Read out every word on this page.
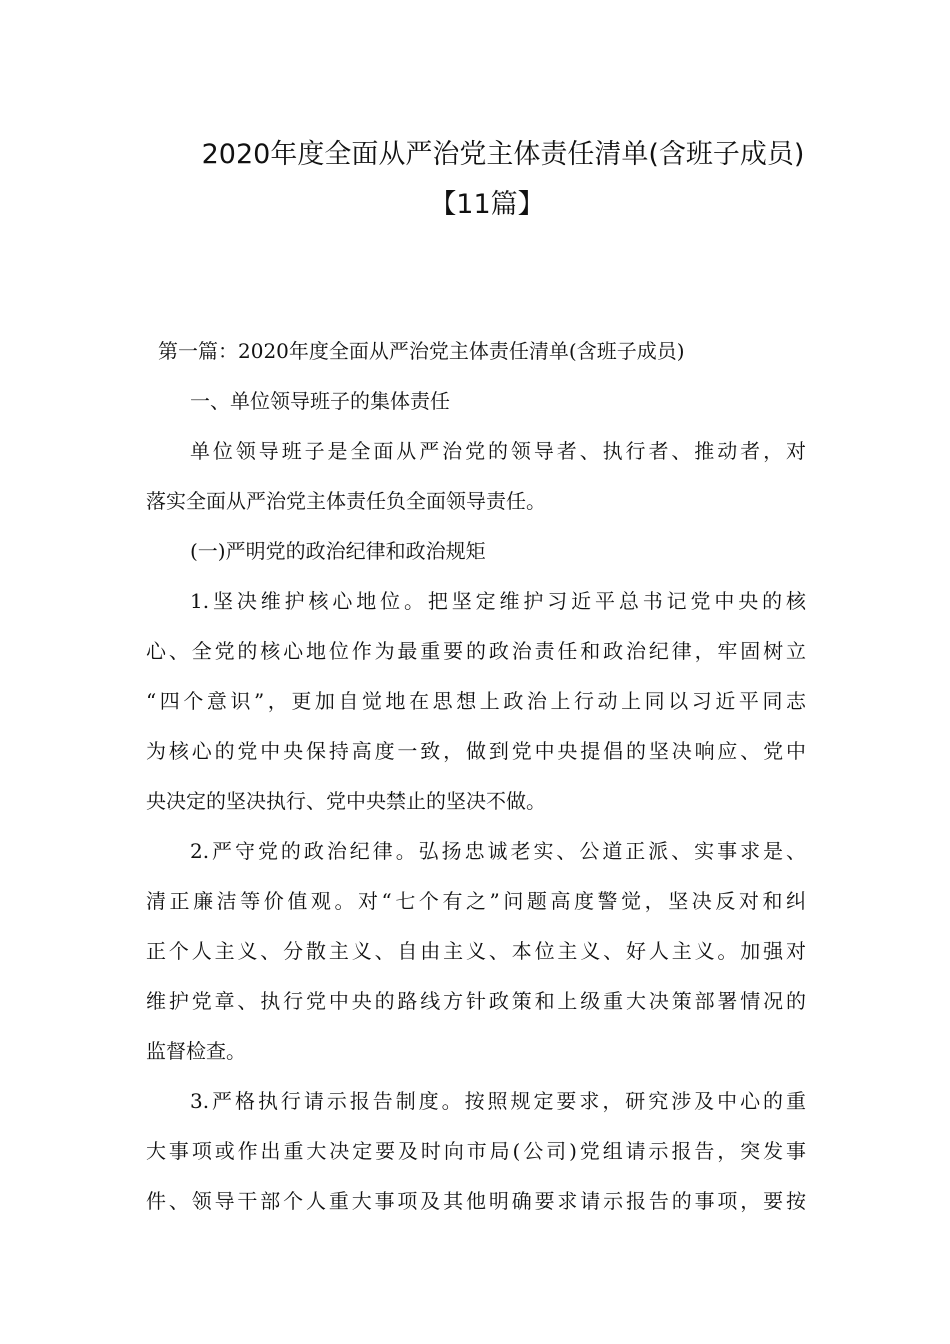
2020年度全面从严治党主体责任清单(含班子成员)
【11篇】
第一篇：2020年度全面从严治党主体责任清单(含班子成员)
一、单位领导班子的集体责任
单位领导班子是全面从严治党的领导者、执行者、推动者，对
落实全面从严治党主体责任负全面领导责任。
(一)严明党的政治纪律和政治规矩
1.坚决维护核心地位。把坚定维护习近平总书记党中央的核
心、全党的核心地位作为最重要的政治责任和政治纪律，牢固树立
“四个意识”，更加自觉地在思想上政治上行动上同以习近平同志
为核心的党中央保持高度一致，做到党中央提倡的坚决响应、党中
央决定的坚决执行、党中央禁止的坚决不做。
2.严守党的政治纪律。弘扬忠诚老实、公道正派、实事求是、
清正廉洁等价值观。对“七个有之”问题高度警觉，坚决反对和纠
正个人主义、分散主义、自由主义、本位主义、好人主义。加强对
维护党章、执行党中央的路线方针政策和上级重大决策部署情况的
监督检查。
3.严格执行请示报告制度。按照规定要求，研究涉及中心的重
大事项或作出重大决定要及时向市局(公司)党组请示报告，突发事
件、领导干部个人重大事项及其他明确要求请示报告的事项，要按
